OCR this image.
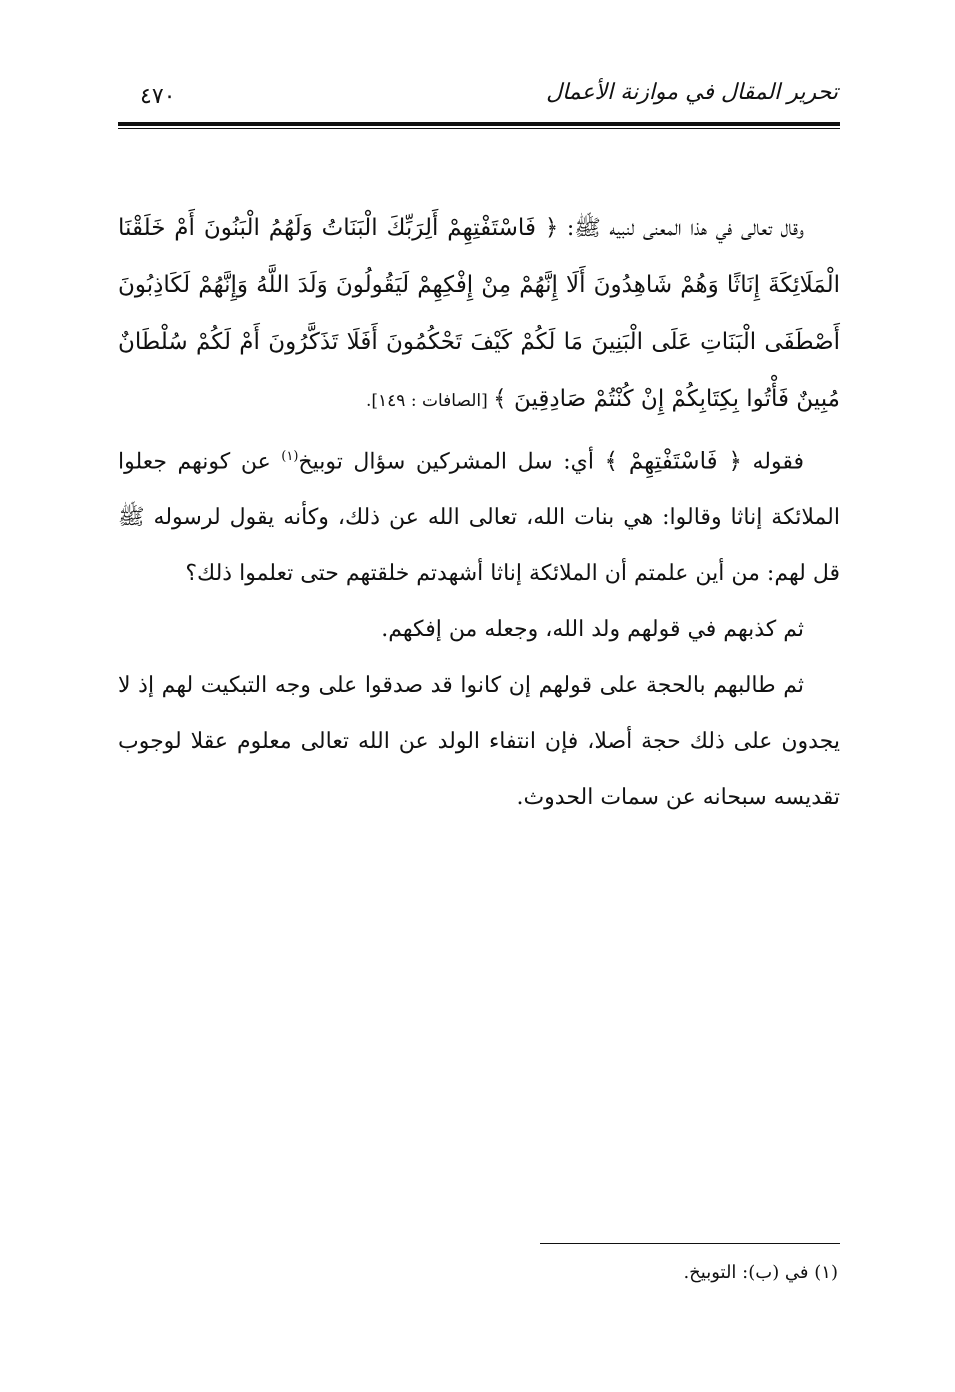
٤٧٠	تحرير المقال في موازنة الأعمال

وقال تعالى في هذا المعنى لنبيه ﷺ: ﴿ فَاسْتَفْتِهِمْ أَلِرَبِّكَ الْبَنَاتُ وَلَهُمُ الْبَنُونَ أَمْ خَلَقْنَا الْمَلَائِكَةَ إِنَاثًا وَهُمْ شَاهِدُونَ أَلَا إِنَّهُمْ مِنْ إِفْكِهِمْ لَيَقُولُونَ وَلَدَ اللَّهُ وَإِنَّهُمْ لَكَاذِبُونَ أَصْطَفَى الْبَنَاتِ عَلَى الْبَنِينَ مَا لَكُمْ كَيْفَ تَحْكُمُونَ أَفَلَا تَذَكَّرُونَ أَمْ لَكُمْ سُلْطَانٌ مُبِينٌ فَأْتُوا بِكِتَابِكُمْ إِنْ كُنْتُمْ صَادِقِينَ ﴾ [الصافات : ١٤٩].

فقوله ﴿ فَاسْتَفْتِهِمْ ﴾ أي: سل المشركين سؤال توبيخ$^{(١)}$ عن كونهم جعلوا الملائكة إناثا وقالوا: هي بنات الله، تعالى الله عن ذلك، وكأنه يقول لرسوله ﷺ قل لهم: من أين علمتم أن الملائكة إناثا أشهدتم خلقتهم حتى تعلموا ذلك؟

ثم كذبهم في قولهم ولد الله، وجعله من إفكهم.

ثم طالبهم بالحجة على قولهم إن كانوا قد صدقوا على وجه التبكيت لهم إذ لا يجدون على ذلك حجة أصلا، فإن انتفاء الولد عن الله تعالى معلوم عقلا لوجوب تقديسه سبحانه عن سمات الحدوث.

(١) في (ب): التوبيخ.
